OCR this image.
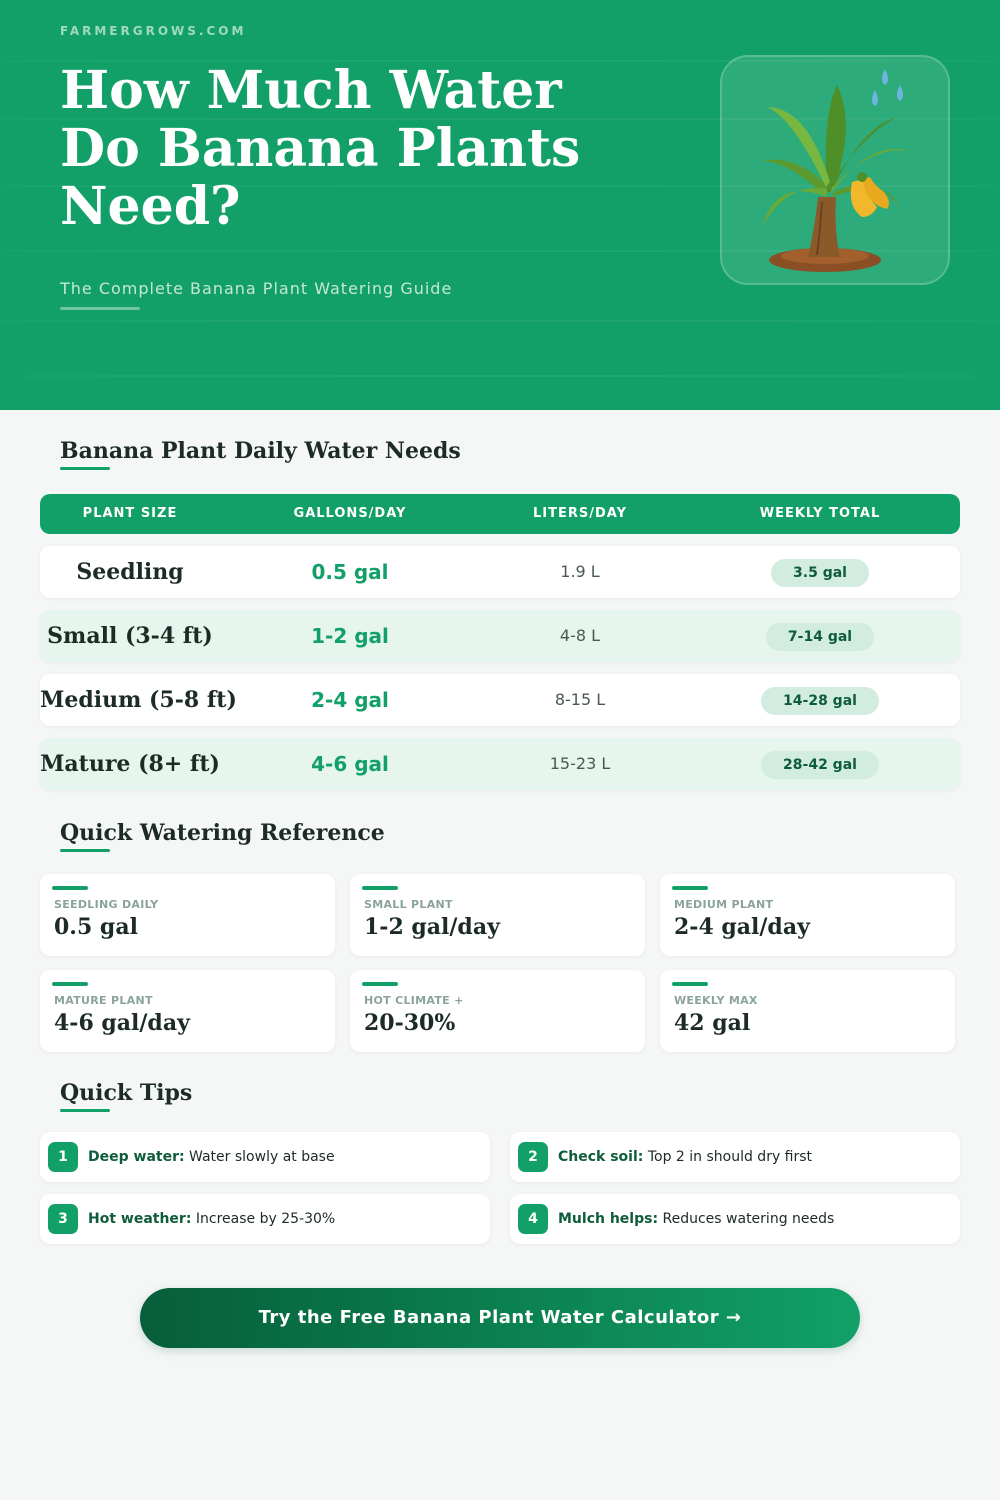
FARMERGROWS.COM
How Much Water Do Banana Plants Need?
The Complete Banana Plant Watering Guide
Banana Plant Daily Water Needs
PLANT SIZE	GALLONS/DAY	LITERS/DAY	WEEKLY TOTAL
Seedling	0.5 gal	1.9 L	3.5 gal
Small (3-4 ft)	1-2 gal	4-8 L	7-14 gal
Medium (5-8 ft)	2-4 gal	8-15 L	14-28 gal
Mature (8+ ft)	4-6 gal	15-23 L	28-42 gal
Quick Watering Reference
SEEDLING DAILY
0.5 gal
SMALL PLANT
1-2 gal/day
MEDIUM PLANT
2-4 gal/day
MATURE PLANT
4-6 gal/day
HOT CLIMATE +
20-30%
WEEKLY MAX
42 gal
Quick Tips
1	Deep water: Water slowly at base	2	Check soil: Top 2 in should dry first
3	Hot weather: Increase by 25-30%	4	Mulch helps: Reduces watering needs
Try the Free Banana Plant Water Calculator →
